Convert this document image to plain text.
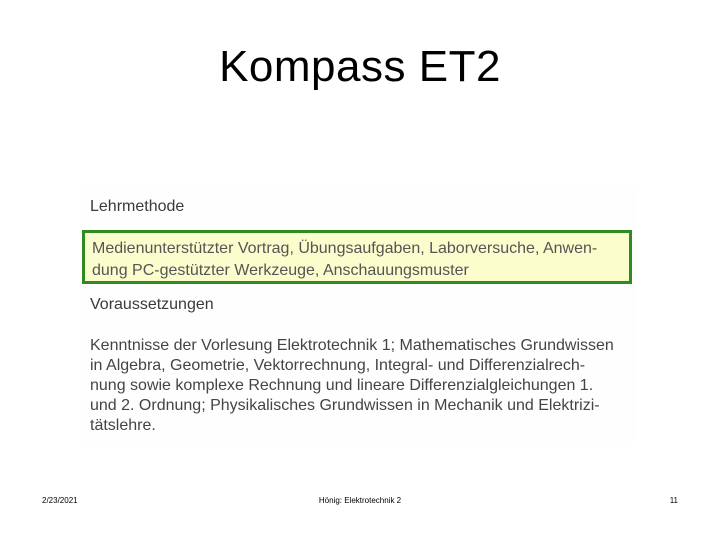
Kompass ET2
Lehrmethode
Medienunterstützter Vortrag, Übungsaufgaben, Laborversuche, Anwen-
dung PC-gestützter Werkzeuge, Anschauungsmuster
Voraussetzungen
Kenntnisse der Vorlesung Elektrotechnik 1; Mathematisches Grundwissen
in Algebra, Geometrie, Vektorrechnung, Integral- und Differenzialrech-
nung sowie komplexe Rechnung und lineare Differenzialgleichungen 1.
und 2. Ordnung; Physikalisches Grundwissen in Mechanik und Elektrizi-
tätslehre.
2/23/2021	Hönig: Elektrotechnik 2	11
